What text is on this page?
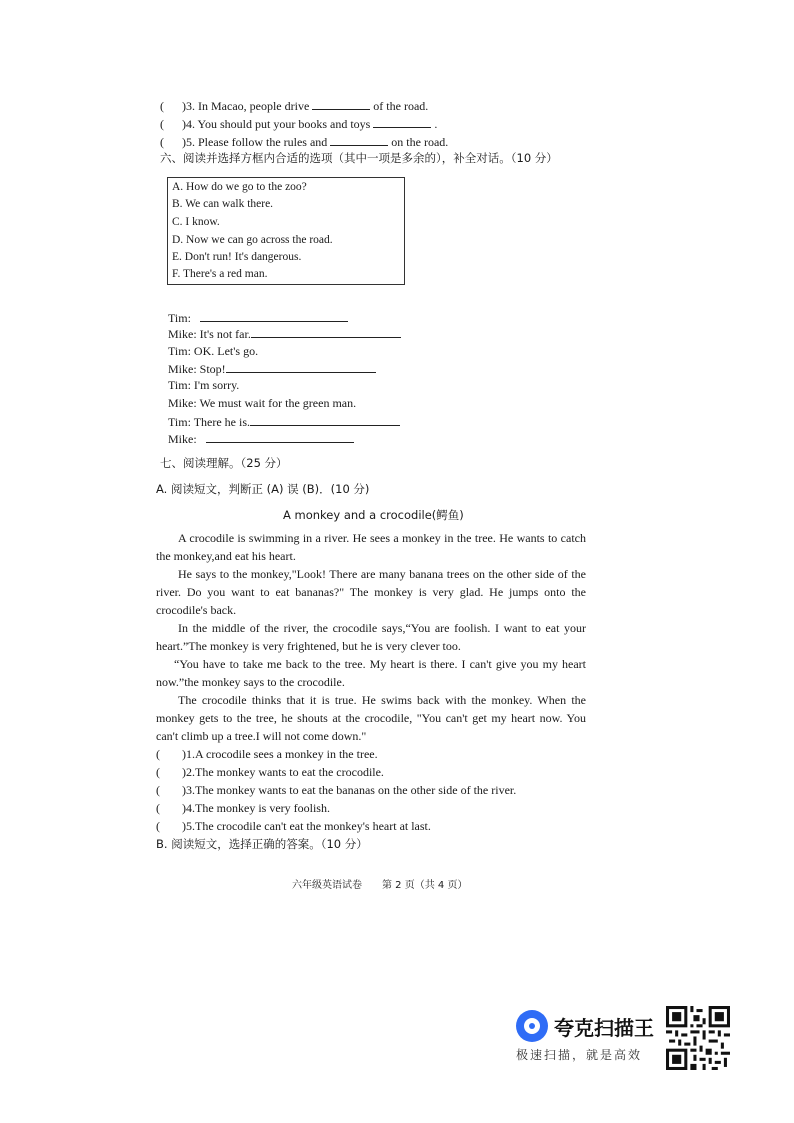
( )3. In Macao, people drive	of the road.
( )4. You should put your books and toys	.
( )5. Please follow the rules and	on the road.
六、阅读并选择方框内合适的选项（其中一项是多余的），补全对话。（10 分）
A. How do we go to the zoo?
B. We can walk there.
C. I know.
D. Now we can go across the road.
E. Don't run! It's dangerous.
F. There's a red man.
Tim:
Mike: It's not far.
Tim: OK. Let's go.
Mike: Stop!
Tim: I'm sorry.
Mike: We must wait for the green man.
Tim: There he is.
Mike:
七、阅读理解。（25 分）
A. 阅读短文，判断正 (A) 误 (B)．(10 分)
A monkey and a crocodile(鳄鱼)
A crocodile is swimming in a river. He sees a monkey in the tree. He wants to catch the monkey,and eat his heart.
He says to the monkey,"Look! There are many banana trees on the other side of the river. Do you want to eat bananas?" The monkey is very glad. He jumps onto the crocodile's back.
In the middle of the river, the crocodile says,“You are foolish. I want to eat your heart.”The monkey is very frightened, but he is very clever too.
“You have to take me back to the tree. My heart is there. I can't give you my heart now.”the monkey says to the crocodile.
The crocodile thinks that it is true. He swims back with the monkey. When the monkey gets to the tree, he shouts at the crocodile, "You can't get my heart now. You can't climb up a tree.I will not come down."
( )1.A crocodile sees a monkey in the tree.
( )2.The monkey wants to eat the crocodile.
( )3.The monkey wants to eat the bananas on the other side of the river.
( )4.The monkey is very foolish.
( )5.The crocodile can't eat the monkey's heart at last.
B. 阅读短文，选择正确的答案。（10 分）
六年级英语试卷　　第 2 页（共 4 页）
夸克扫描王
极速扫描，就是高效
